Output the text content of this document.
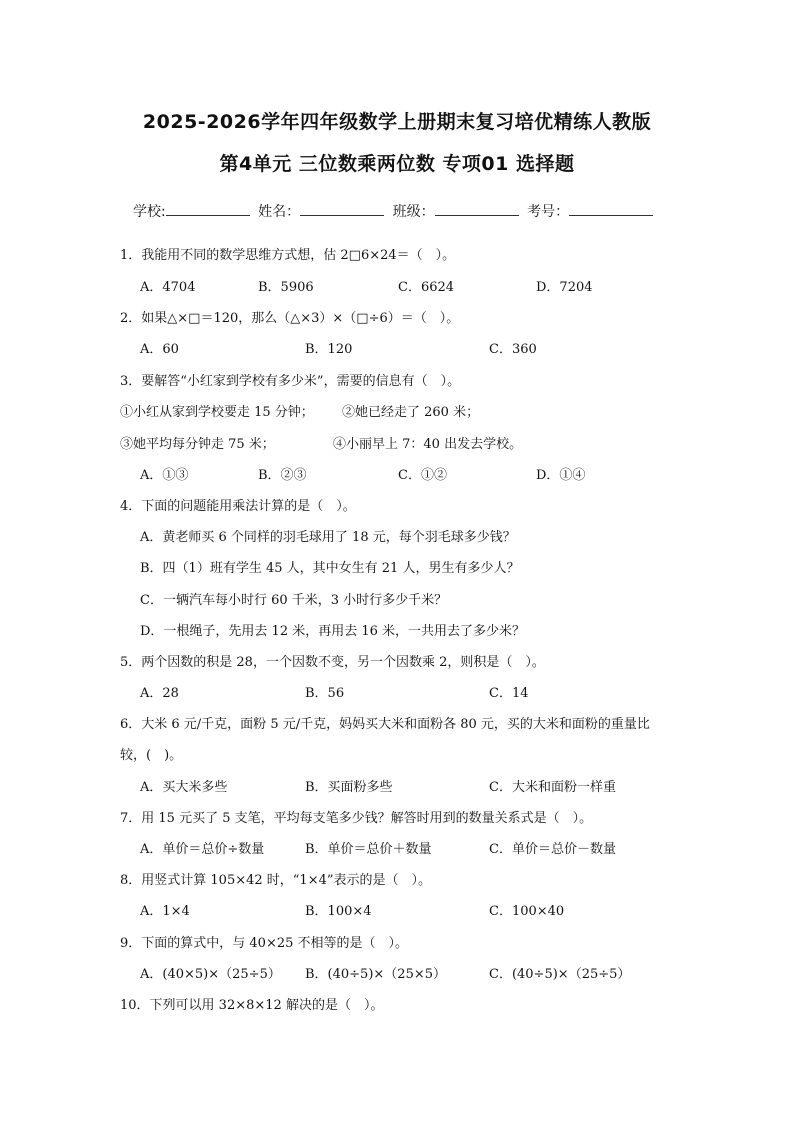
2025-2026学年四年级数学上册期末复习培优精练人教版
第4单元 三位数乘两位数 专项01 选择题
学校:	姓名：	班级：	考号：
1．我能用不同的数学思维方式想，估 2□6×24＝（　）。
A．4704	B．5906	C．6624	D．7204
2．如果△×□＝120，那么（△×3）×（□÷6）＝（　）。
A．60	B．120	C．360
3．要解答“小红家到学校有多少米”，需要的信息有（　）。
①小红从家到学校要走 15 分钟； ②她已经走了 260 米；
③她平均每分钟走 75 米；	④小丽早上 7：40 出发去学校。
A．①③	B．②③	C．①②	D．①④
4．下面的问题能用乘法计算的是（　）。
A．黄老师买 6 个同样的羽毛球用了 18 元，每个羽毛球多少钱？
B．四（1）班有学生 45 人，其中女生有 21 人，男生有多少人？
C．一辆汽车每小时行 60 千米，3 小时行多少千米？
D．一根绳子，先用去 12 米，再用去 16 米，一共用去了多少米？
5．两个因数的积是 28，一个因数不变，另一个因数乘 2，则积是（　）。
A．28	B．56	C．14
6．大米 6 元/千克，面粉 5 元/千克，妈妈买大米和面粉各 80 元，买的大米和面粉的重量比
较，(　)。
A．买大米多些	B．买面粉多些	C．大米和面粉一样重
7．用 15 元买了 5 支笔，平均每支笔多少钱？解答时用到的数量关系式是（　）。
A．单价＝总价÷数量	B．单价＝总价＋数量	C．单价＝总价－数量
8．用竖式计算 105×42 时，“1×4”表示的是（　）。
A．1×4	B．100×4	C．100×40
9．下面的算式中，与 40×25 不相等的是（　）。
A．(40×5)×（25÷5） B．(40÷5)×（25×5）	C．(40÷5)×（25÷5）
10．下列可以用 32×8×12 解决的是（　）。
